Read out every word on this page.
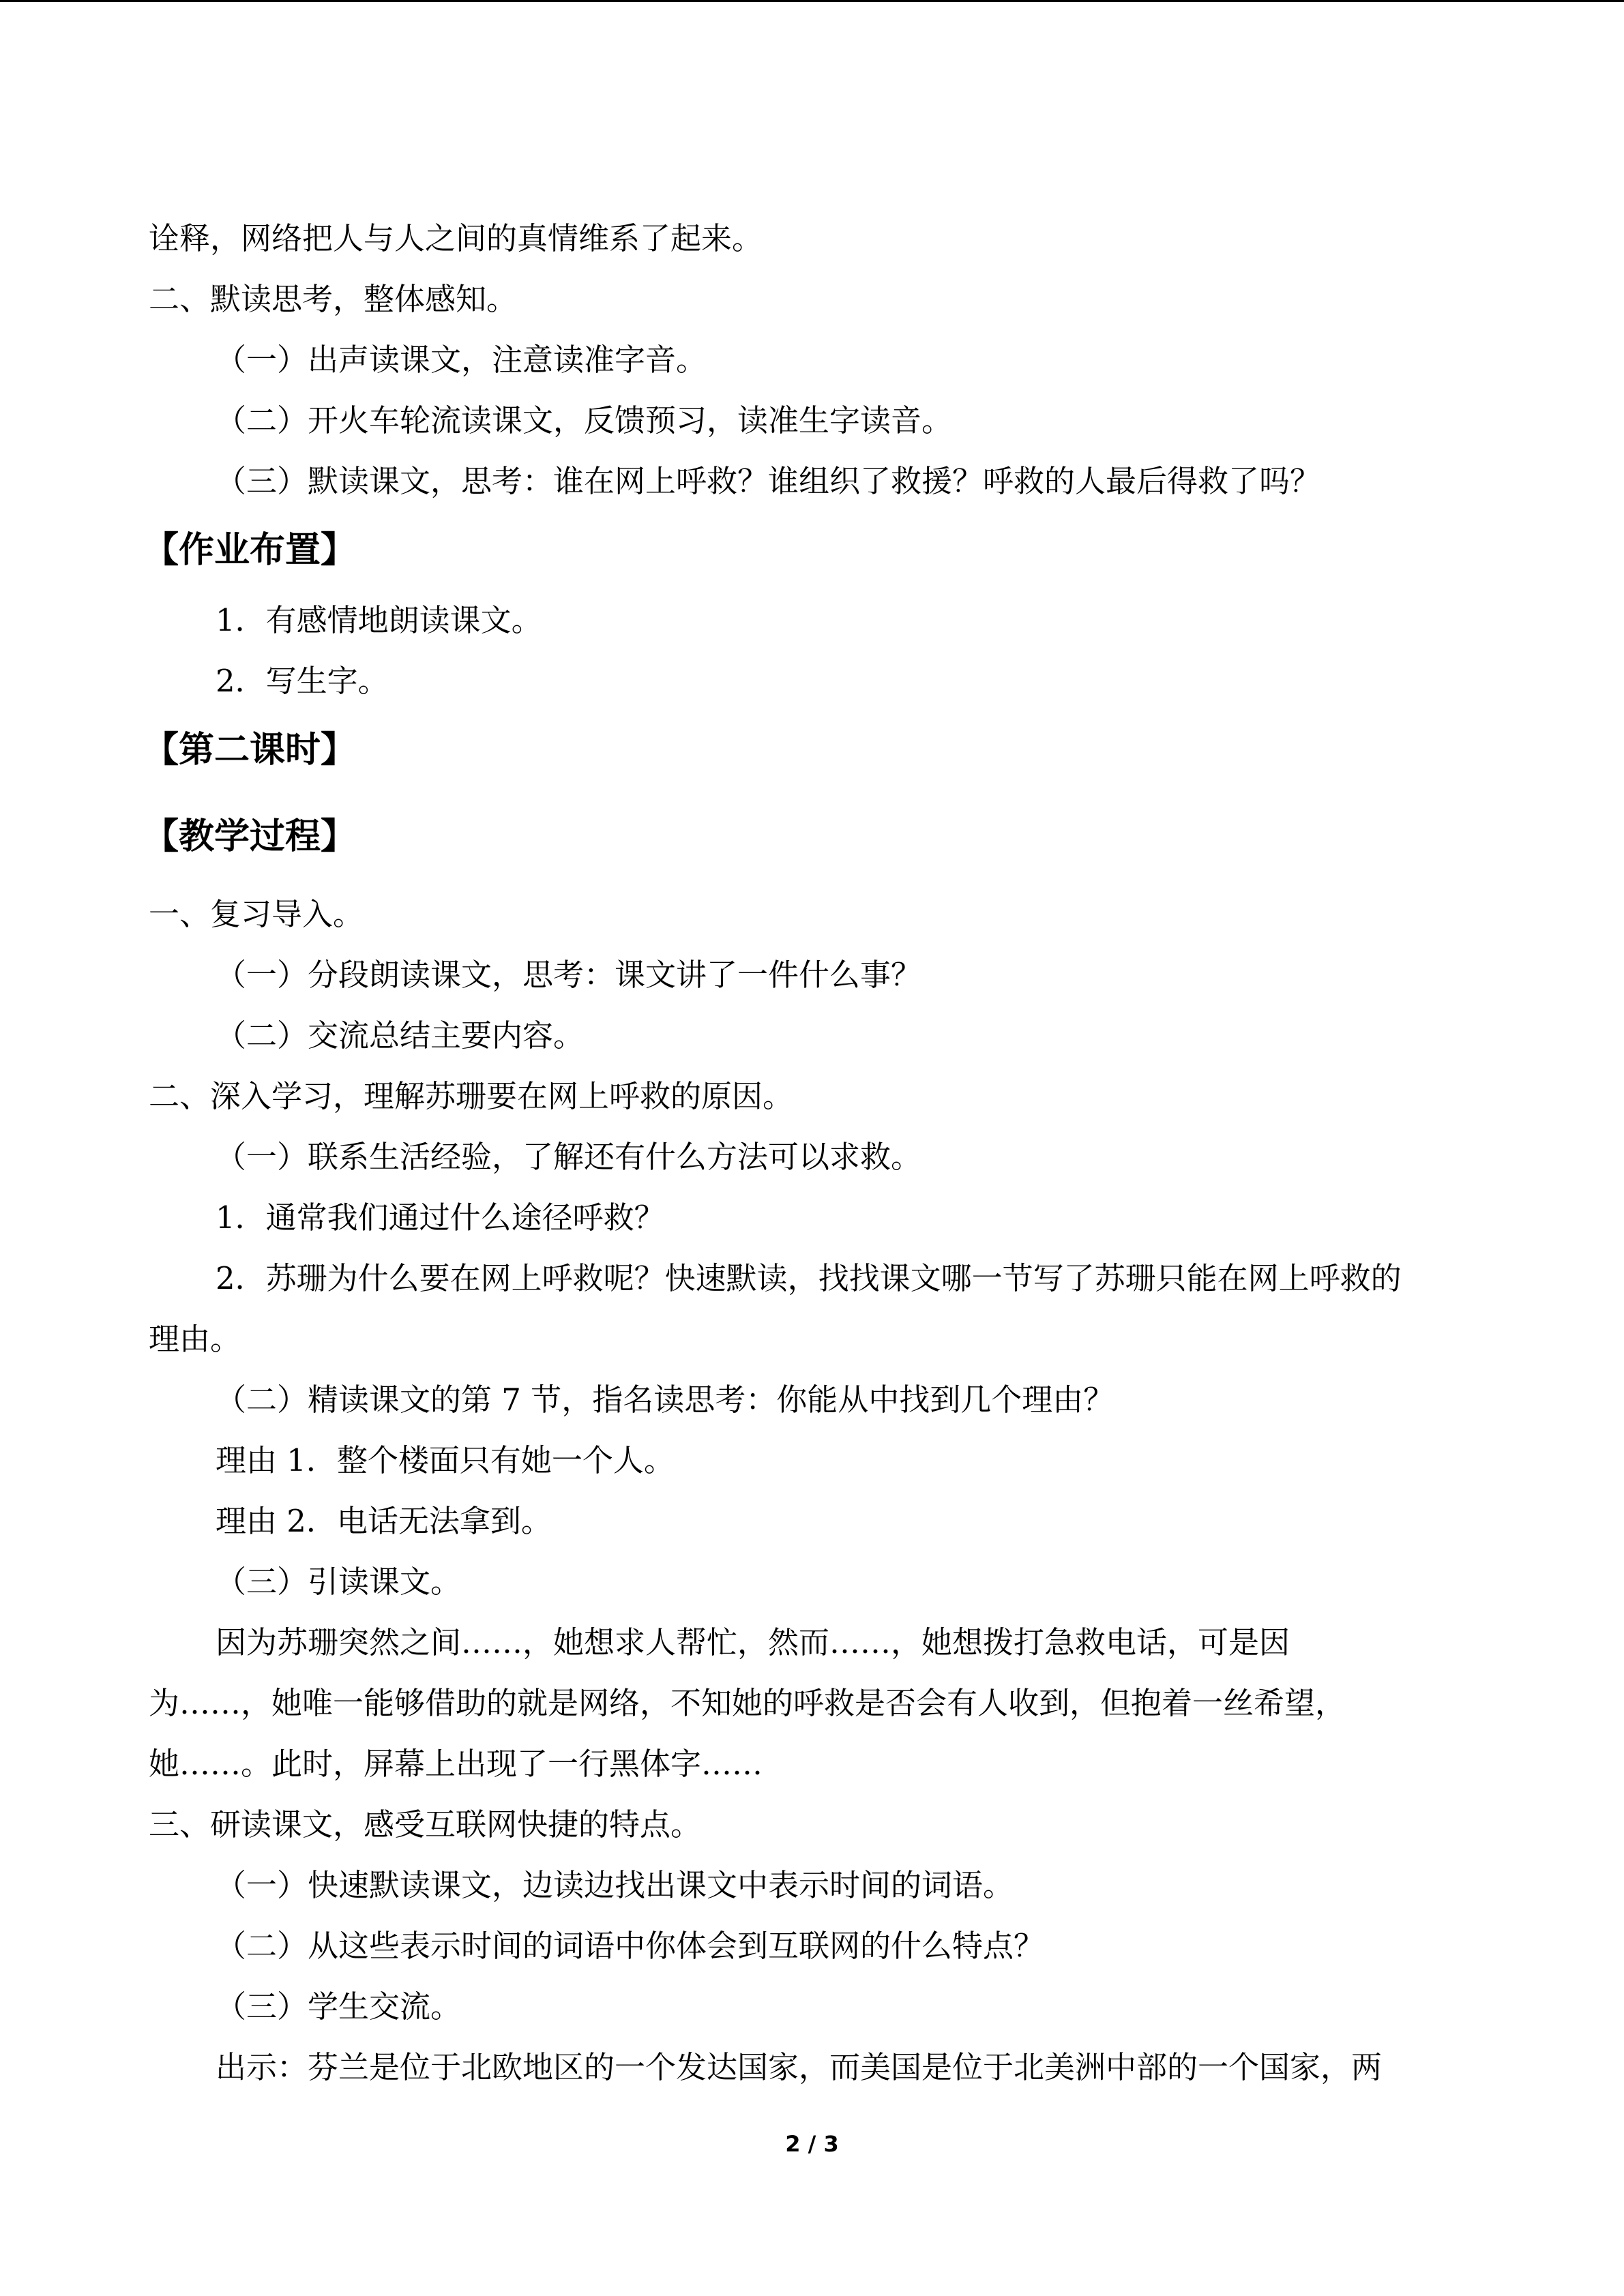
诠释，网络把人与人之间的真情维系了起来。
二、默读思考，整体感知。
（一）出声读课文，注意读准字音。
（二）开火车轮流读课文，反馈预习，读准生字读音。
（三）默读课文，思考：谁在网上呼救？谁组织了救援？呼救的人最后得救了吗？
【作业布置】
1．有感情地朗读课文。
2．写生字。
【第二课时】
【教学过程】
一、复习导入。
（一）分段朗读课文，思考：课文讲了一件什么事？
（二）交流总结主要内容。
二、深入学习，理解苏珊要在网上呼救的原因。
（一）联系生活经验，了解还有什么方法可以求救。
1．通常我们通过什么途径呼救？
2．苏珊为什么要在网上呼救呢？快速默读，找找课文哪一节写了苏珊只能在网上呼救的
理由。
（二）精读课文的第 7 节，指名读思考：你能从中找到几个理由？
理由 1．整个楼面只有她一个人。
理由 2．电话无法拿到。
（三）引读课文。
因为苏珊突然之间……，她想求人帮忙，然而……，她想拨打急救电话，可是因
为……，她唯一能够借助的就是网络，不知她的呼救是否会有人收到，但抱着一丝希望，
她……。此时，屏幕上出现了一行黑体字……
三、研读课文，感受互联网快捷的特点。
（一）快速默读课文，边读边找出课文中表示时间的词语。
（二）从这些表示时间的词语中你体会到互联网的什么特点？
（三）学生交流。
出示：芬兰是位于北欧地区的一个发达国家，而美国是位于北美洲中部的一个国家，两
2 / 3
